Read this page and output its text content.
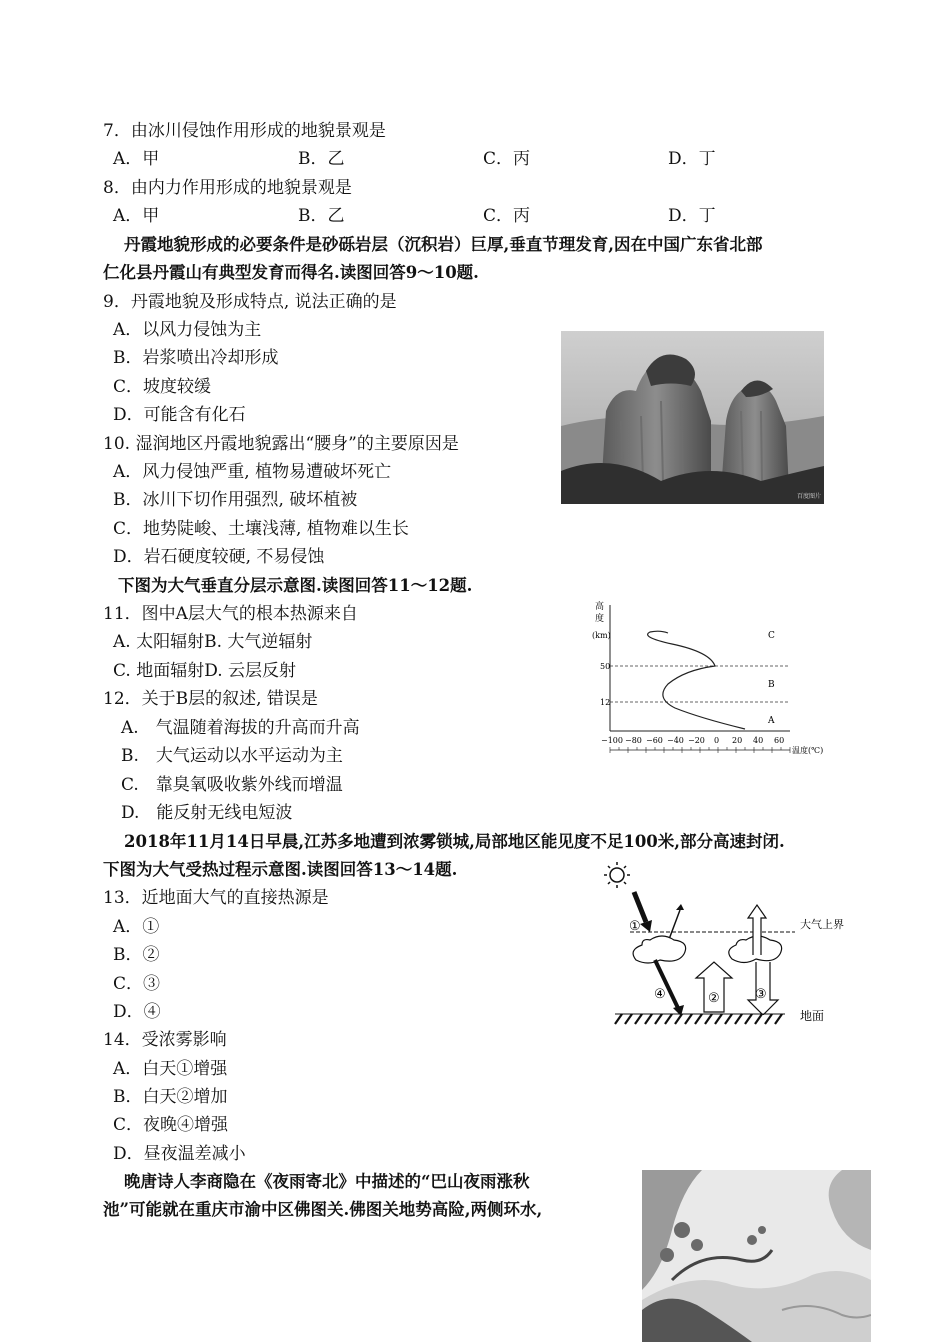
7．由冰川侵蚀作用形成的地貌景观是
A．甲	B．乙	C．丙	D．丁
8．由内力作用形成的地貌景观是
A．甲	B．乙	C．丙	D．丁
丹霞地貌形成的必要条件是砂砾岩层（沉积岩）巨厚,垂直节理发育,因在中国广东省北部
仁化县丹霞山有典型发育而得名.读图回答9～10题.
9．丹霞地貌及形成特点, 说法正确的是
A．以风力侵蚀为主
B．岩浆喷出冷却形成
C．坡度较缓
D．可能含有化石
百度图片
10. 湿润地区丹霞地貌露出“腰身”的主要原因是
A．风力侵蚀严重, 植物易遭破坏死亡
B．冰川下切作用强烈, 破坏植被
C．地势陡峻、土壤浅薄, 植物难以生长
D．岩石硬度较硬, 不易侵蚀
下图为大气垂直分层示意图.读图回答11～12题.
11．图中A层大气的根本热源来自
A. 太阳辐射B. 大气逆辐射
C. 地面辐射D. 云层反射
12．关于B层的叙述, 错误是
A.　气温随着海拔的升高而升高
B.　大气运动以水平运动为主
C.　靠臭氧吸收紫外线而增温
D.　能反射无线电短波
高
度
(km)
50
12
C
B
A
−100 −80 −60 −40 −20 0 20 40 60
温度(℃)
2018年11月14日早晨,江苏多地遭到浓雾锁城,局部地区能见度不足100米,部分高速封闭.
下图为大气受热过程示意图.读图回答13～14题.
13．近地面大气的直接热源是
A．①
B．②
C．③
D．④
大气上界
①
②	③
④
地面
14．受浓雾影响
A．白天①增强
B．白天②增加
C．夜晚④增强
D．昼夜温差减小
晚唐诗人李商隐在《夜雨寄北》中描述的“巴山夜雨涨秋
池”可能就在重庆市渝中区佛图关.佛图关地势高险,两侧环水,
